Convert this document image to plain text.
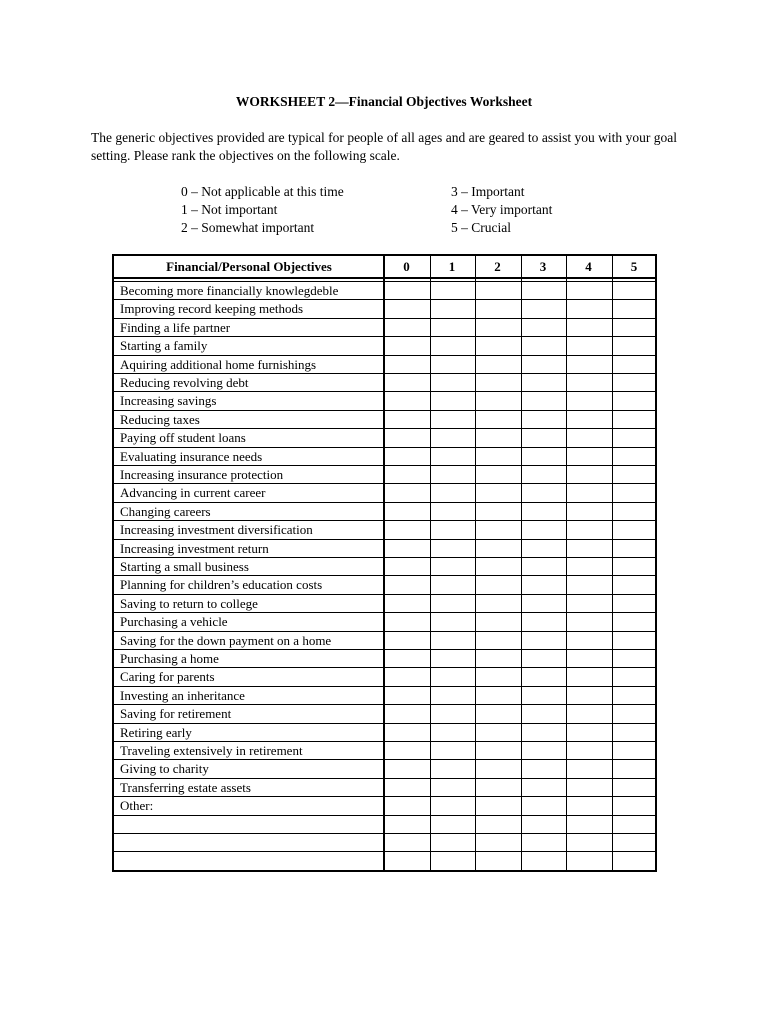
WORKSHEET 2—Financial Objectives Worksheet
The generic objectives provided are typical for people of all ages and are geared to assist you with your goal setting. Please rank the objectives on the following scale.
0 – Not applicable at this time
1 – Not important
2 – Somewhat important
3 – Important
4 – Very important
5 – Crucial
Financial/Personal Objectives	0	1	2	3	4	5
Becoming more financially knowlegdeble
Improving record keeping methods
Finding a life partner
Starting a family
Aquiring additional home furnishings
Reducing revolving debt
Increasing savings
Reducing taxes
Paying off student loans
Evaluating insurance needs
Increasing insurance protection
Advancing in current career
Changing careers
Increasing investment diversification
Increasing investment return
Starting a small business
Planning for children’s education costs
Saving to return to college
Purchasing a vehicle
Saving for the down payment on a home
Purchasing a home
Caring for parents
Investing an inheritance
Saving for retirement
Retiring early
Traveling extensively in retirement
Giving to charity
Transferring estate assets
Other:
